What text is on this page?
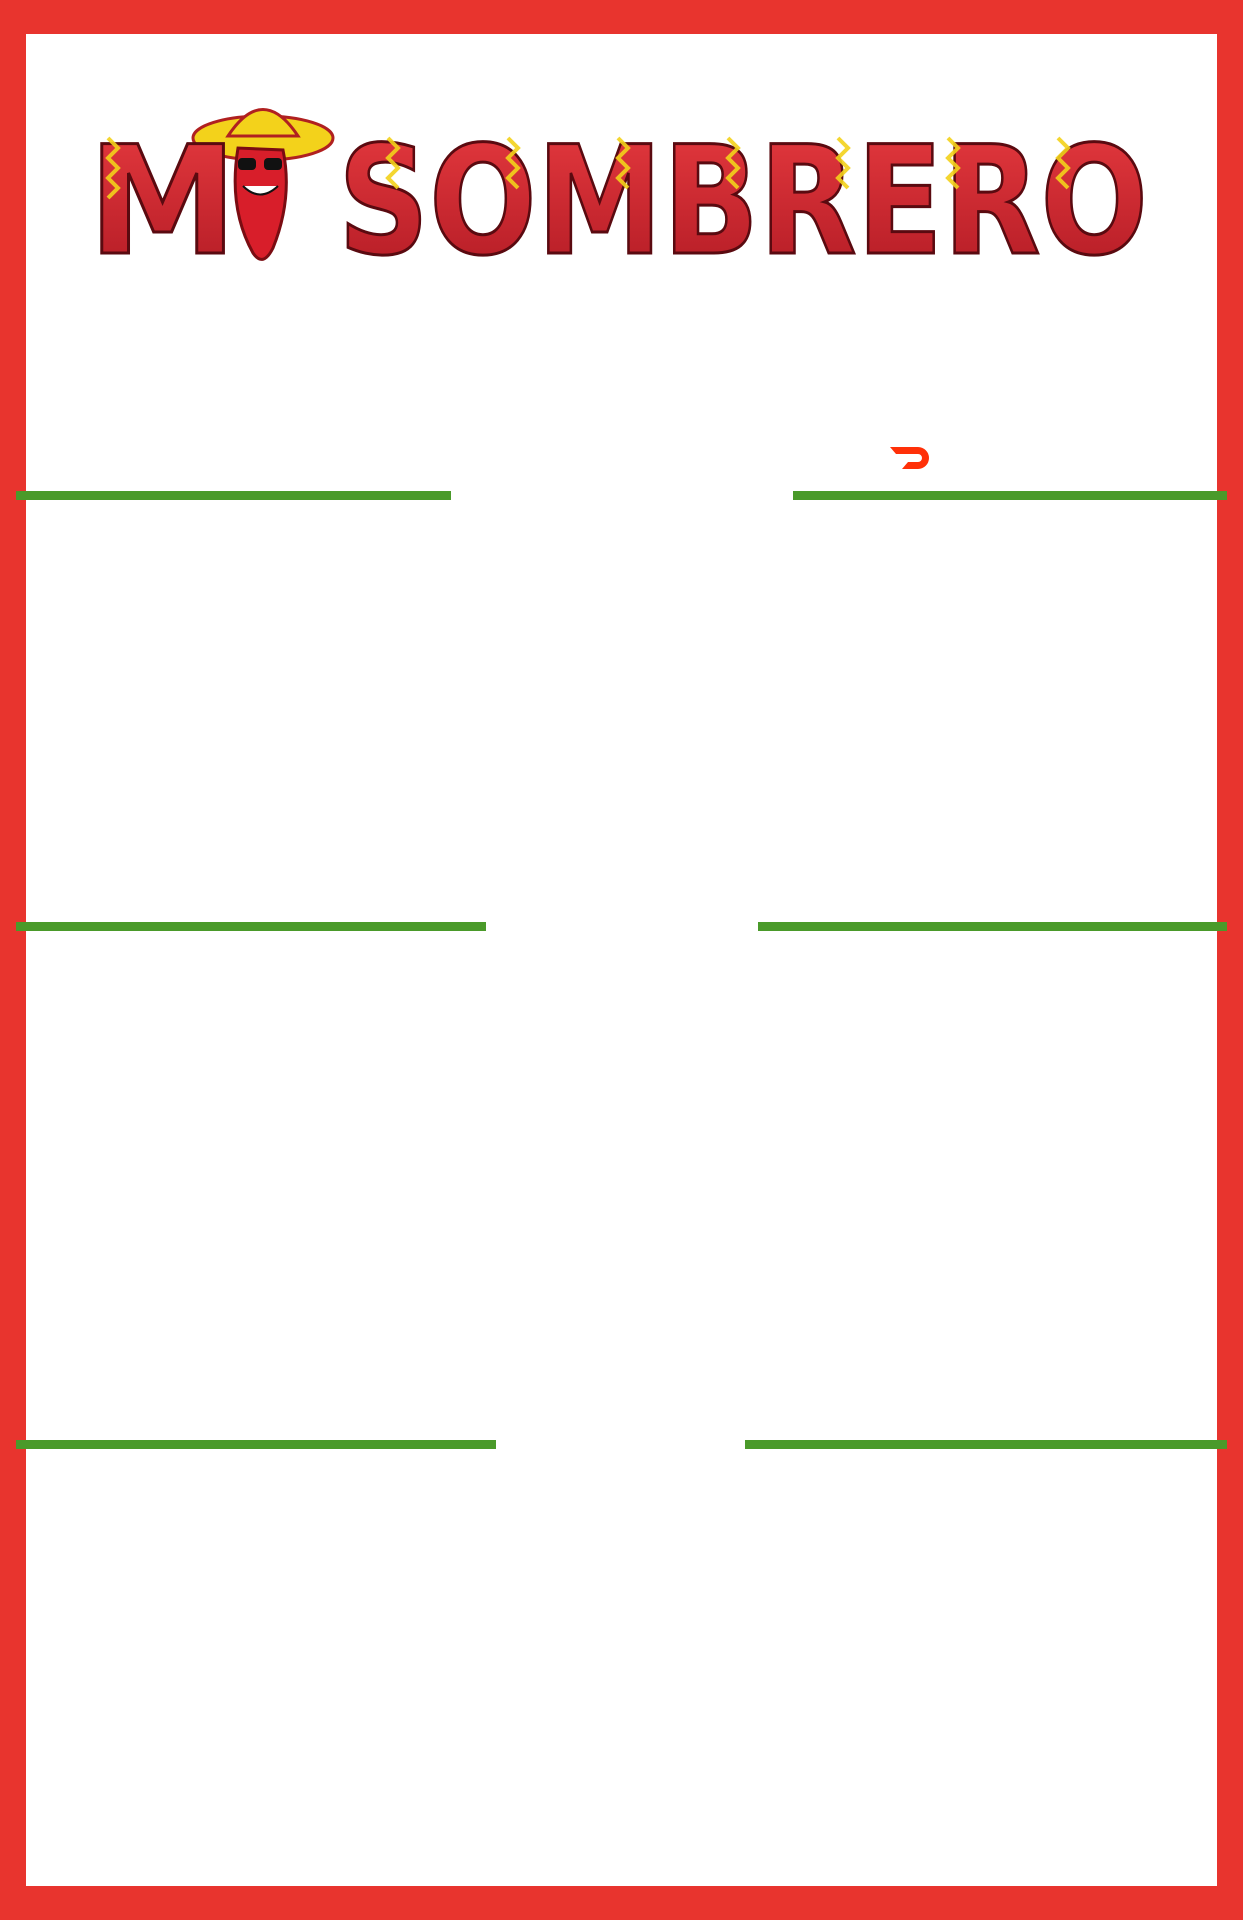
M SOMBRERO
